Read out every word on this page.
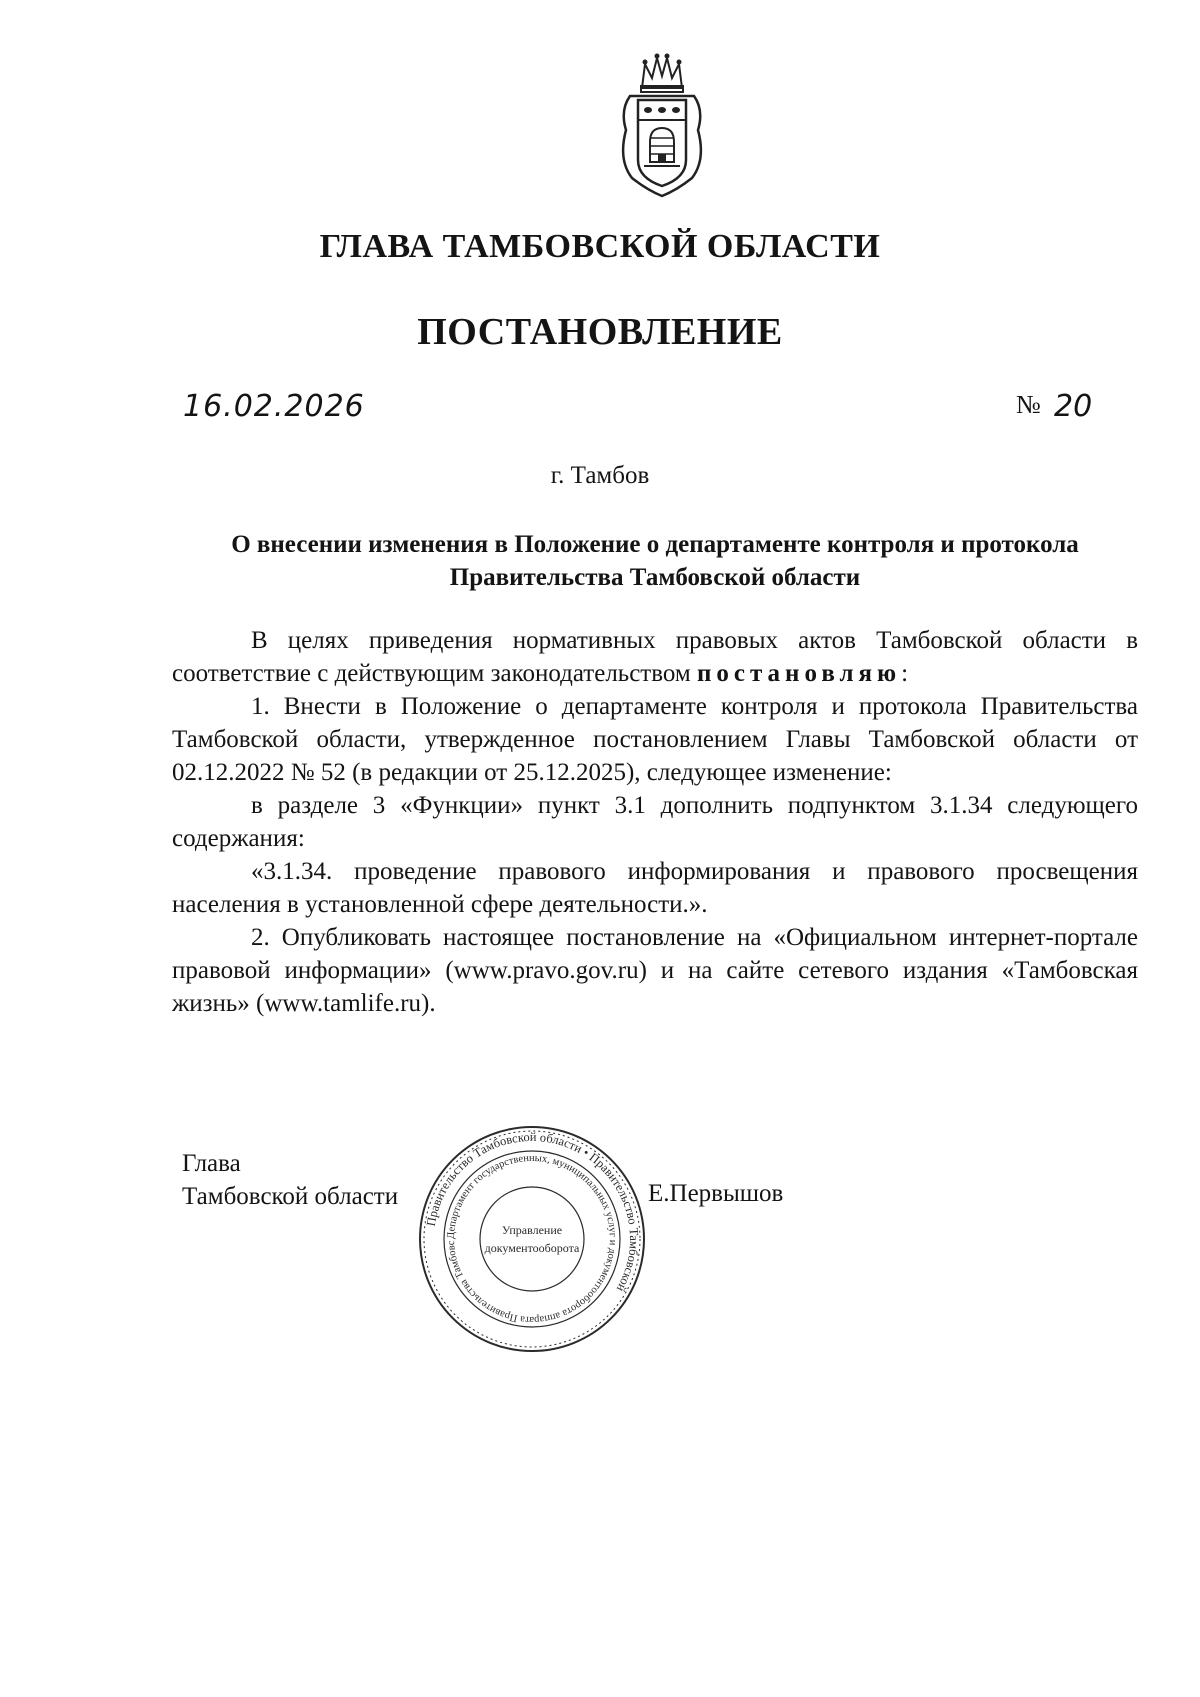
ГЛАВА ТАМБОВСКОЙ ОБЛАСТИ
ПОСТАНОВЛЕНИЕ
16.02.2026	№ 20
г. Тамбов
О внесении изменения в Положение о департаменте контроля и протокола
Правительства Тамбовской области

В целях приведения нормативных правовых актов Тамбовской области в соответствие с действующим законодательством постановляю:

1. Внести в Положение о департаменте контроля и протокола Правительства Тамбовской области, утвержденное постановлением Главы Тамбовской области от 02.12.2022 № 52 (в редакции от 25.12.2025), следующее изменение:

в разделе 3 «Функции» пункт 3.1 дополнить подпунктом 3.1.34 следующего содержания:

«3.1.34. проведение правового информирования и правового просвещения населения в установленной сфере деятельности.».

2. Опубликовать настоящее постановление на «Официальном интернет-портале правовой информации» (www.pravo.gov.ru) и на сайте сетевого издания «Тамбовская жизнь» (www.tamlife.ru).

Глава
Тамбовской области	Е.Первышов
Правительство Тамбовской области • Правительство Тамбовской
Департамент государственных, муниципальных услуг и документооборота аппарата Правительства Тамбовс
Управление
документооборота
